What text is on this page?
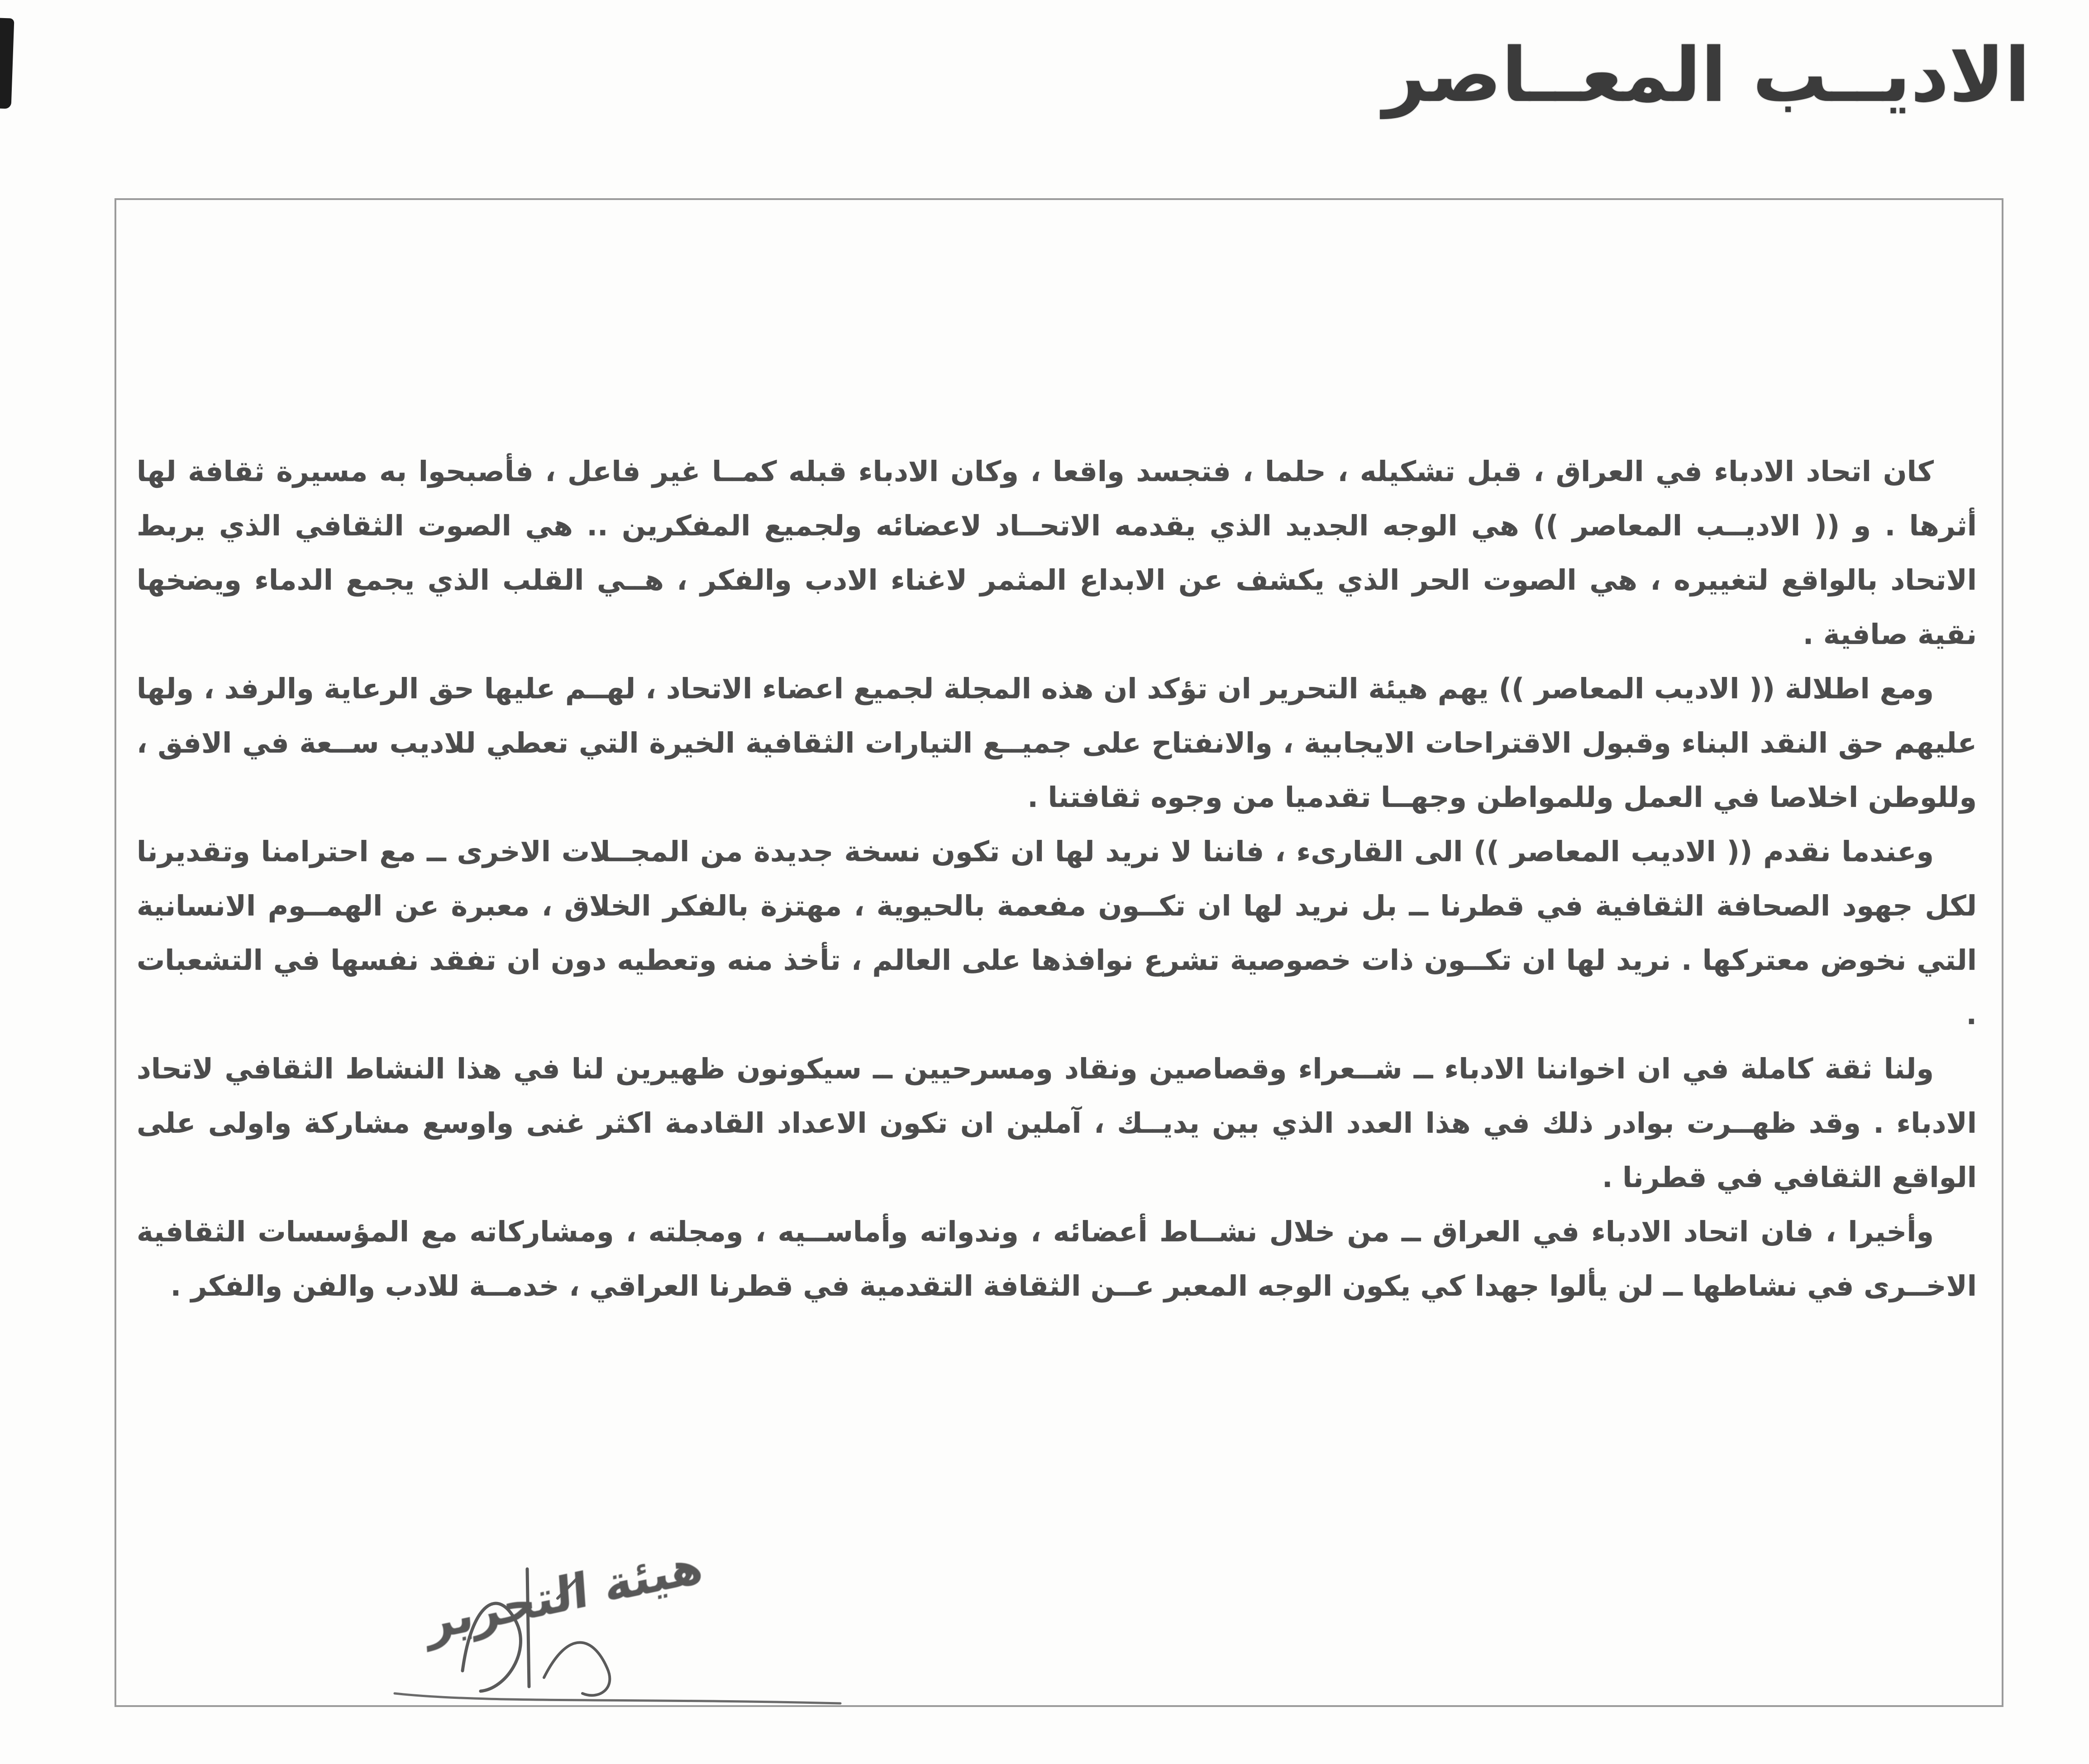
الاديــب المعــاصر

كان اتحاد الادباء في العراق ، قبل تشكيله ، حلما ، فتجسد واقعا ، وكان الادباء قبله كمــا غير فاعل ، فأصبحوا به مسيرة ثقافة لها أثرها . و (( الاديــب المعاصر )) هي الوجه الجديد الذي يقدمه الاتحــاد لاعضائه ولجميع المفكرين .. هي الصوت الثقافي الذي يربط الاتحاد بالواقع لتغييره ، هي الصوت الحر الذي يكشف عن الابداع المثمر لاغناء الادب والفكر ، هــي القلب الذي يجمع الدماء ويضخها نقية صافية .

ومع اطلالة (( الاديب المعاصر )) يهم هيئة التحرير ان تؤكد ان هذه المجلة لجميع اعضاء الاتحاد ، لهــم عليها حق الرعاية والرفد ، ولها عليهم حق النقد البناء وقبول الاقتراحات الايجابية ، والانفتاح على جميــع التيارات الثقافية الخيرة التي تعطي للاديب ســعة في الافق ، وللوطن اخلاصا في العمل وللمواطن وجهــا تقدميا من وجوه ثقافتنا .

وعندما نقدم (( الاديب المعاصر )) الى القارىء ، فاننا لا نريد لها ان تكون نسخة جديدة من المجــلات الاخرى ــ مع احترامنا وتقديرنا لكل جهود الصحافة الثقافية في قطرنا ــ بل نريد لها ان تكــون مفعمة بالحيوية ، مهتزة بالفكر الخلاق ، معبرة عن الهمــوم الانسانية التي نخوض معتركها . نريد لها ان تكــون ذات خصوصية تشرع نوافذها على العالم ، تأخذ منه وتعطيه دون ان تفقد نفسها في التشعبات .

ولنا ثقة كاملة في ان اخواننا الادباء ــ شــعراء وقصاصين ونقاد ومسرحيين ــ سيكونون ظهيرين لنا في هذا النشاط الثقافي لاتحاد الادباء . وقد ظهــرت بوادر ذلك في هذا العدد الذي بين يديــك ، آملين ان تكون الاعداد القادمة اكثر غنى واوسع مشاركة واولى على الواقع الثقافي في قطرنا .

وأخيرا ، فان اتحاد الادباء في العراق ــ من خلال نشــاط أعضائه ، وندواته وأماســيه ، ومجلته ، ومشاركاته مع المؤسسات الثقافية الاخــرى في نشاطها ــ لن يألوا جهدا كي يكون الوجه المعبر عــن الثقافة التقدمية في قطرنا العراقي ، خدمــة للادب والفن والفكر .

هيئة التحرير
